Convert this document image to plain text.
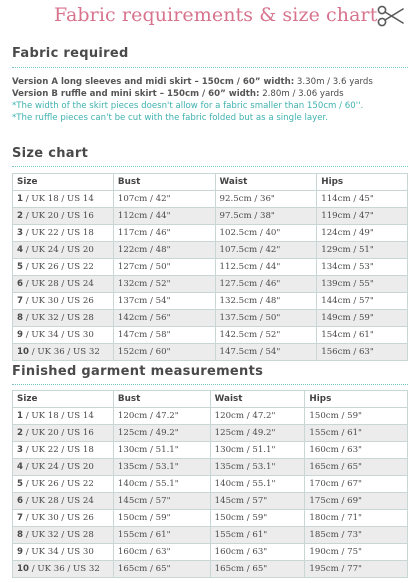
Fabric requirements & size chart
Fabric required
Version A long sleeves and midi skirt – 150cm / 60” width: 3.30m / 3.6 yards
Version B ruffle and mini skirt – 150cm / 60” width: 2.80m / 3.06 yards
*The width of the skirt pieces doesn't allow for a fabric smaller than 150cm / 60''.
*The ruffle pieces can't be cut with the fabric folded but as a single layer.
Size chart
Size	Bust	Waist	Hips
1 / UK 18 / US 14	107cm / 42"	92.5cm / 36"	114cm / 45"
2 / UK 20 / US 16	112cm / 44"	97.5cm / 38"	119cm / 47"
3 / UK 22 / US 18	117cm / 46"	102.5cm / 40"	124cm / 49"
4 / UK 24 / US 20	122cm / 48"	107.5cm / 42"	129cm / 51"
5 / UK 26 / US 22	127cm / 50"	112.5cm / 44"	134cm / 53"
6 / UK 28 / US 24	132cm / 52"	127.5cm / 46"	139cm / 55"
7 / UK 30 / US 26	137cm / 54"	132.5cm / 48"	144cm / 57"
8 / UK 32 / US 28	142cm / 56"	137.5cm / 50"	149cm / 59"
9 / UK 34 / US 30	147cm / 58"	142.5cm / 52"	154cm / 61"
10 / UK 36 / US 32	152cm / 60"	147.5cm / 54"	156cm / 63"
Finished garment measurements
Size	Bust	Waist	Hips
1 / UK 18 / US 14	120cm / 47.2"	120cm / 47.2"	150cm / 59"
2 / UK 20 / US 16	125cm / 49.2"	125cm / 49.2"	155cm / 61"
3 / UK 22 / US 18	130cm / 51.1"	130cm / 51.1"	160cm / 63"
4 / UK 24 / US 20	135cm / 53.1"	135cm / 53.1"	165cm / 65"
5 / UK 26 / US 22	140cm / 55.1"	140cm / 55.1"	170cm / 67"
6 / UK 28 / US 24	145cm / 57"	145cm / 57"	175cm / 69"
7 / UK 30 / US 26	150cm / 59"	150cm / 59"	180cm / 71"
8 / UK 32 / US 28	155cm / 61"	155cm / 61"	185cm / 73"
9 / UK 34 / US 30	160cm / 63"	160cm / 63"	190cm / 75"
10 / UK 36 / US 32	165cm / 65"	165cm / 65"	195cm / 77"
